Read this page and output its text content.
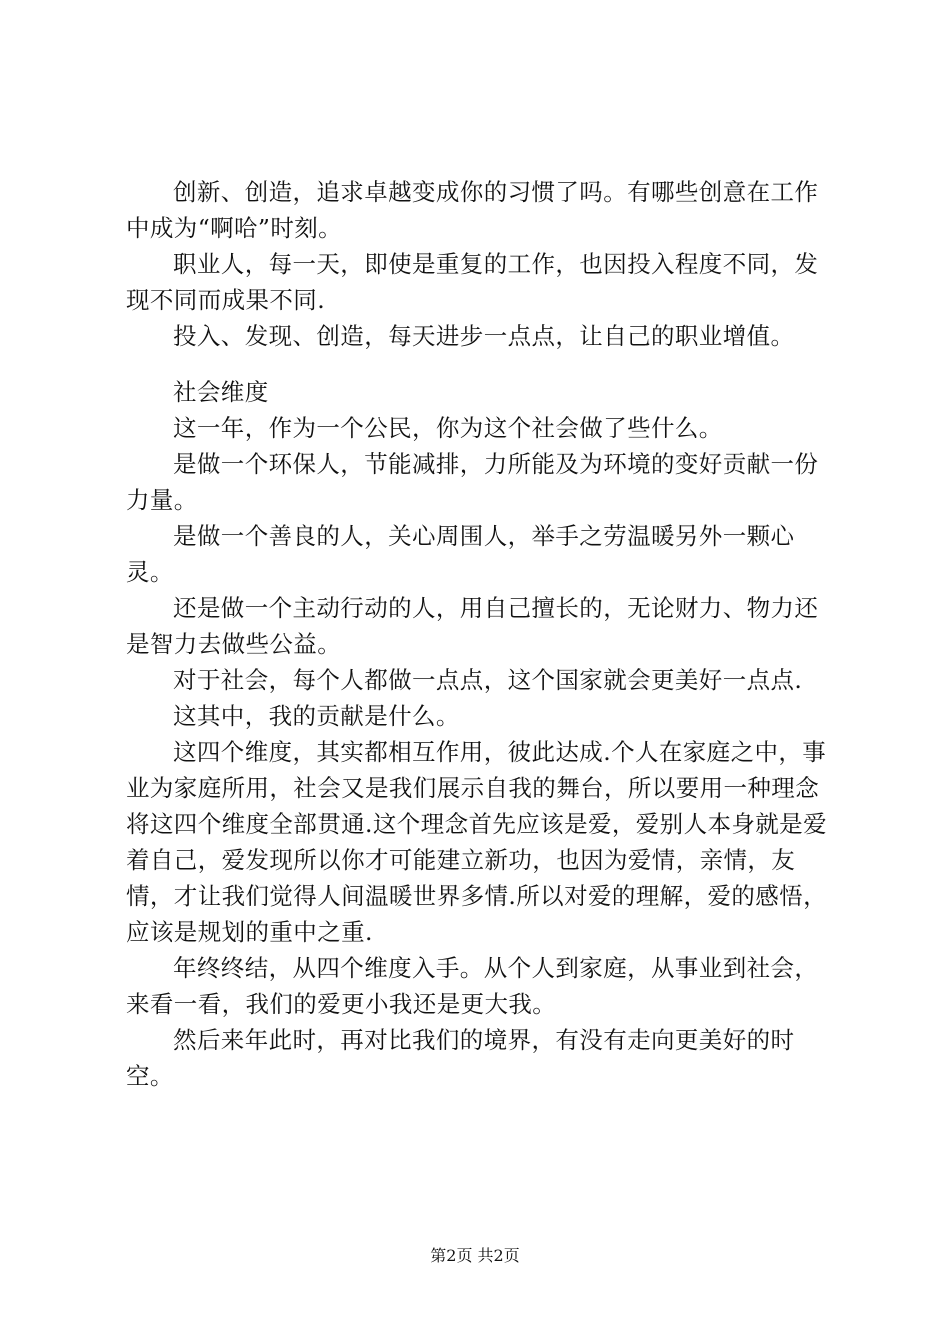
创新、创造，追求卓越变成你的习惯了吗。有哪些创意在工作中成为“啊哈”时刻。

职业人，每一天，即使是重复的工作，也因投入程度不同，发现不同而成果不同.

投入、发现、创造，每天进步一点点，让自己的职业增值。

社会维度

这一年，作为一个公民，你为这个社会做了些什么。

是做一个环保人，节能减排，力所能及为环境的变好贡献一份力量。

是做一个善良的人，关心周围人，举手之劳温暖另外一颗心灵。

还是做一个主动行动的人，用自己擅长的，无论财力、物力还是智力去做些公益。

对于社会，每个人都做一点点，这个国家就会更美好一点点.

这其中，我的贡献是什么。

这四个维度，其实都相互作用，彼此达成.个人在家庭之中，事业为家庭所用，社会又是我们展示自我的舞台，所以要用一种理念将这四个维度全部贯通.这个理念首先应该是爱，爱别人本身就是爱着自己，爱发现所以你才可能建立新功，也因为爱情，亲情，友情，才让我们觉得人间温暖世界多情.所以对爱的理解，爱的感悟，应该是规划的重中之重.

年终终结，从四个维度入手。从个人到家庭，从事业到社会，来看一看，我们的爱更小我还是更大我。

然后来年此时，再对比我们的境界，有没有走向更美好的时空。

第2页 共2页
